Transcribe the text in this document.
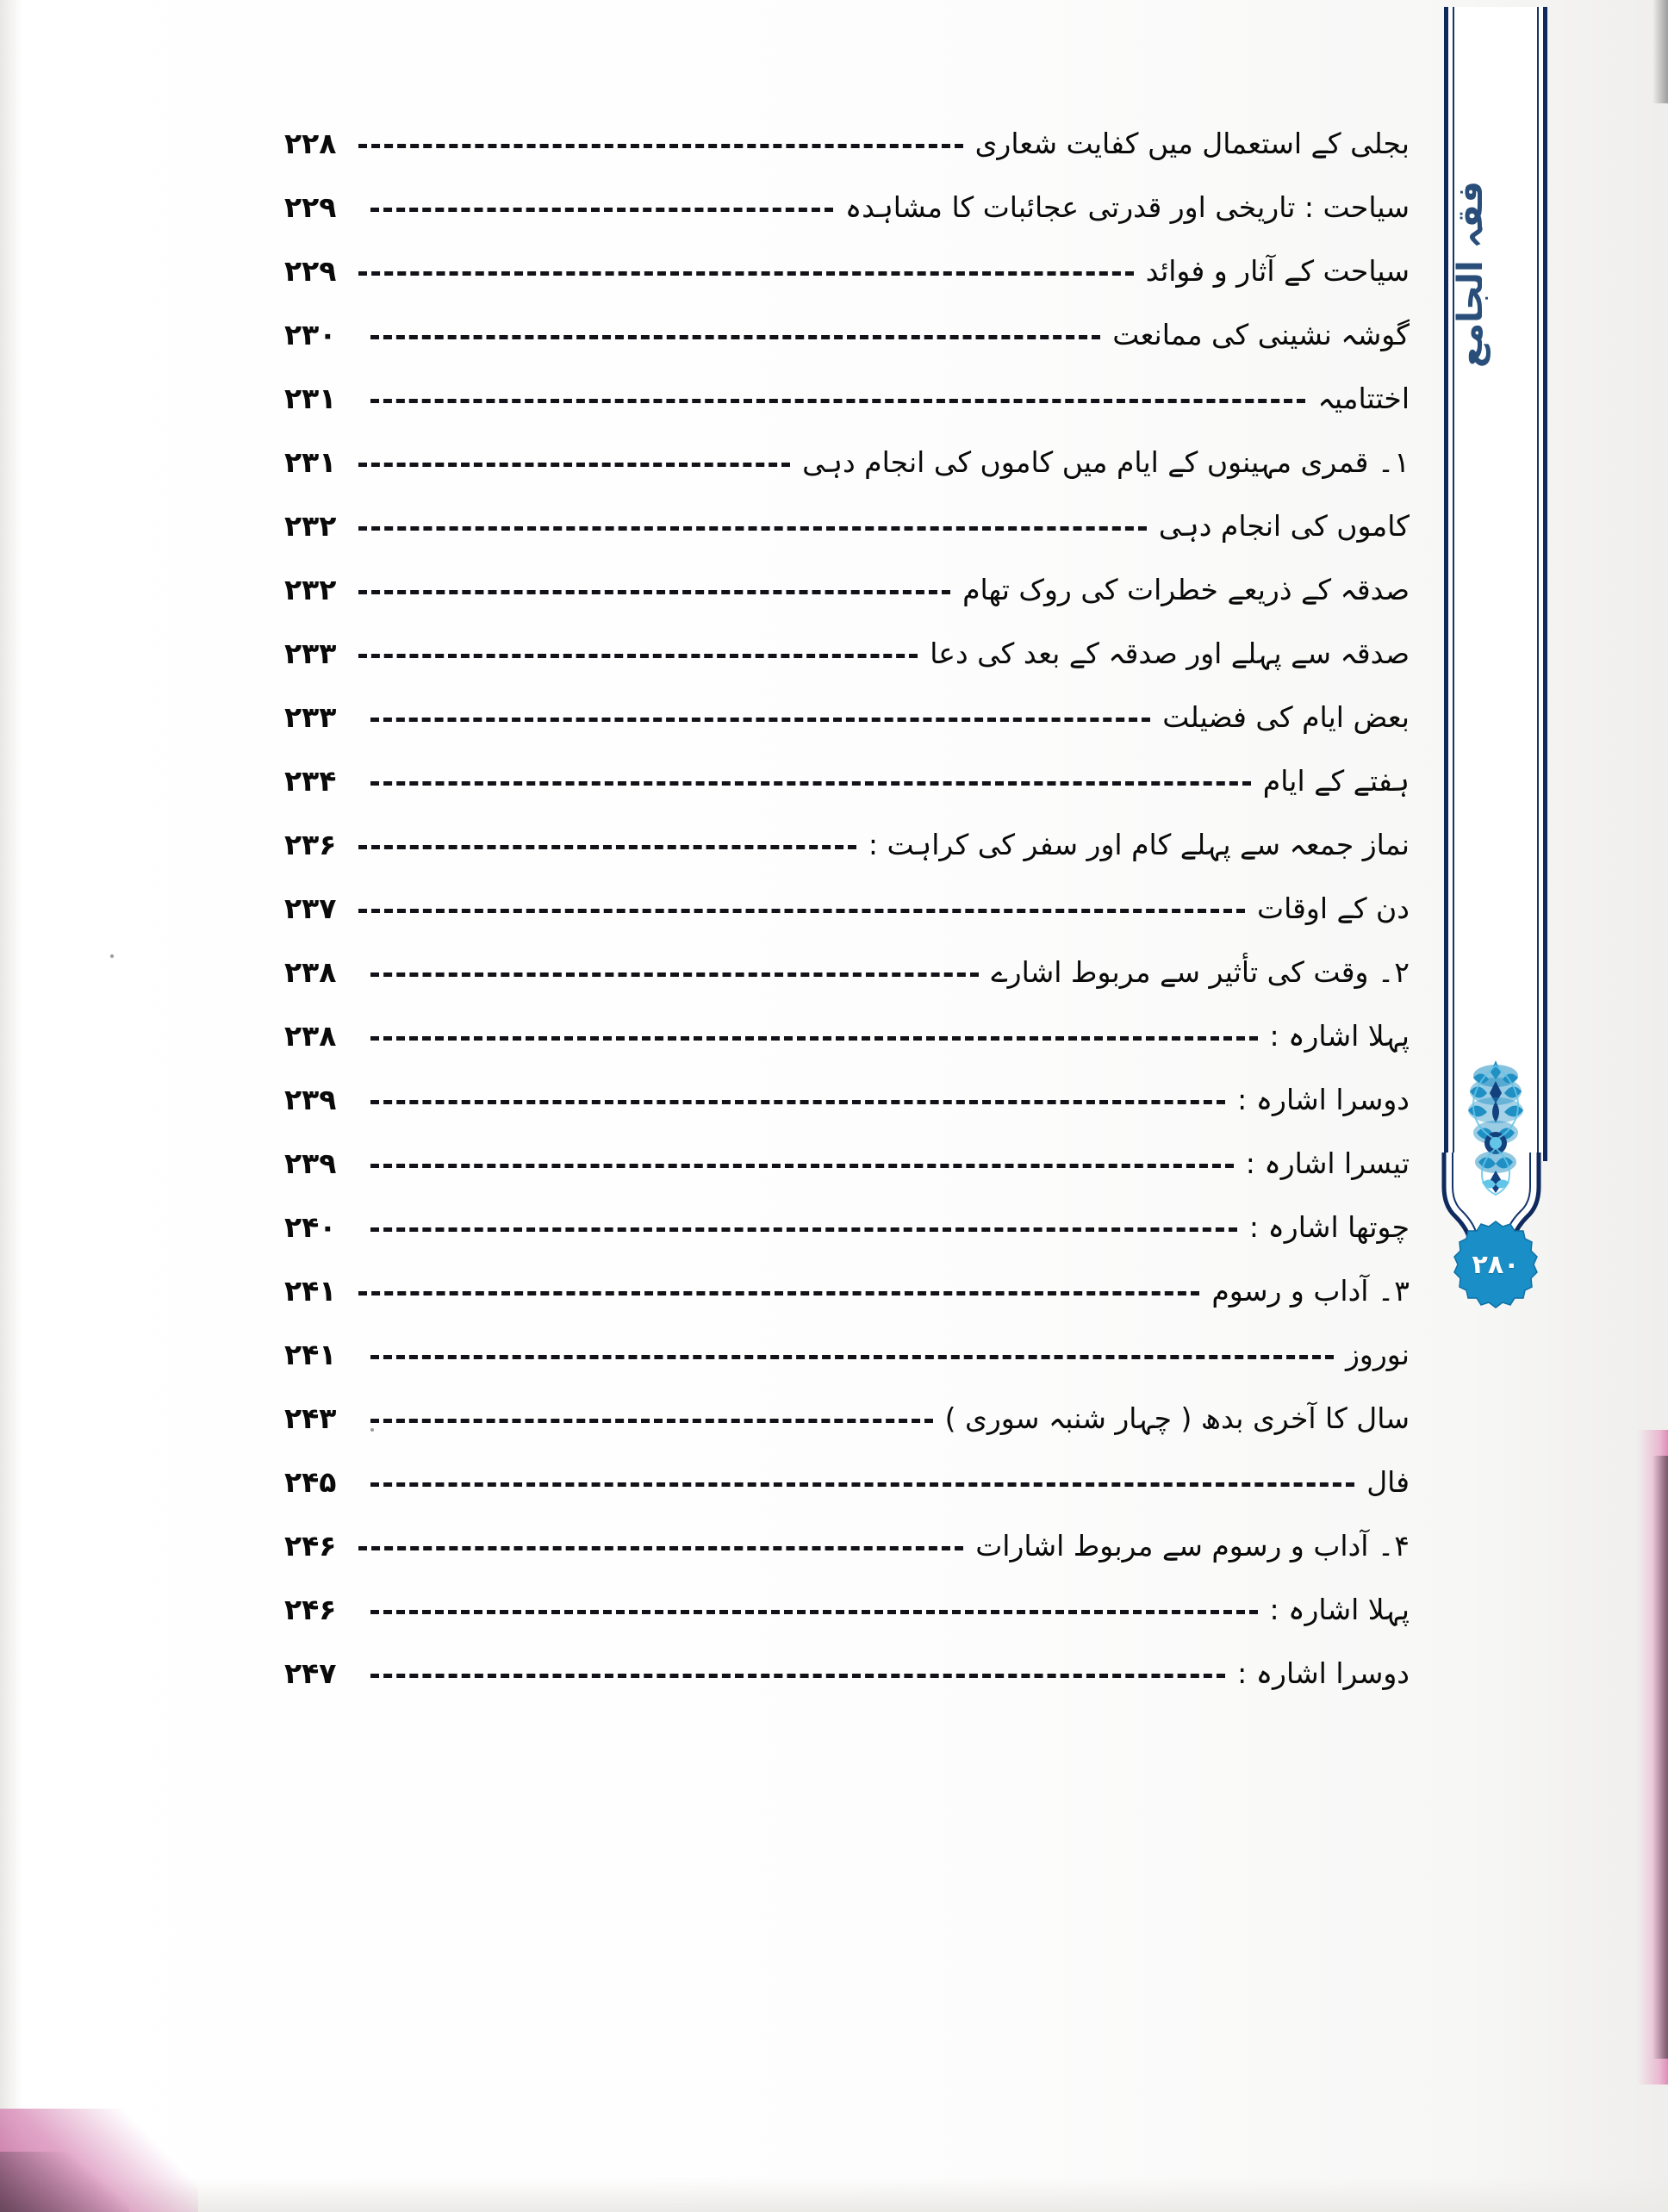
۲۸۰
فقہ الجامع
بجلی کے استعمال میں کفایت شعاری
۲۲۸
سیاحت : تاریخی اور قدرتی عجائبات کا مشاہدہ
۲۲۹
سیاحت کے آثار و فوائد
۲۲۹
گوشہ نشینی کی ممانعت
۲۳۰
اختتامیہ
۲۳۱
۱۔ قمری مہینوں کے ایام میں کاموں کی انجام دہی
۲۳۱
کاموں کی انجام دہی
۲۳۲
صدقہ کے ذریعے خطرات کی روک تھام
۲۳۲
صدقہ سے پہلے اور صدقہ کے بعد کی دعا
۲۳۳
بعض ایام کی فضیلت
۲۳۳
ہفتے کے ایام
۲۳۴
نماز جمعہ سے پہلے کام اور سفر کی کراہت :
۲۳۶
دن کے اوقات
۲۳۷
۲۔ وقت کی تأثیر سے مربوط اشارے
۲۳۸
پہلا اشارہ :
۲۳۸
دوسرا اشارہ :
۲۳۹
تیسرا اشارہ :
۲۳۹
چوتھا اشارہ :
۲۴۰
۳۔ آداب و رسوم
۲۴۱
نوروز
۲۴۱
سال کا آخری بدھ ( چہار شنبہ سوری )
۲۴۳
فال
۲۴۵
۴۔ آداب و رسوم سے مربوط اشارات
۲۴۶
پہلا اشارہ :
۲۴۶
دوسرا اشارہ :
۲۴۷
